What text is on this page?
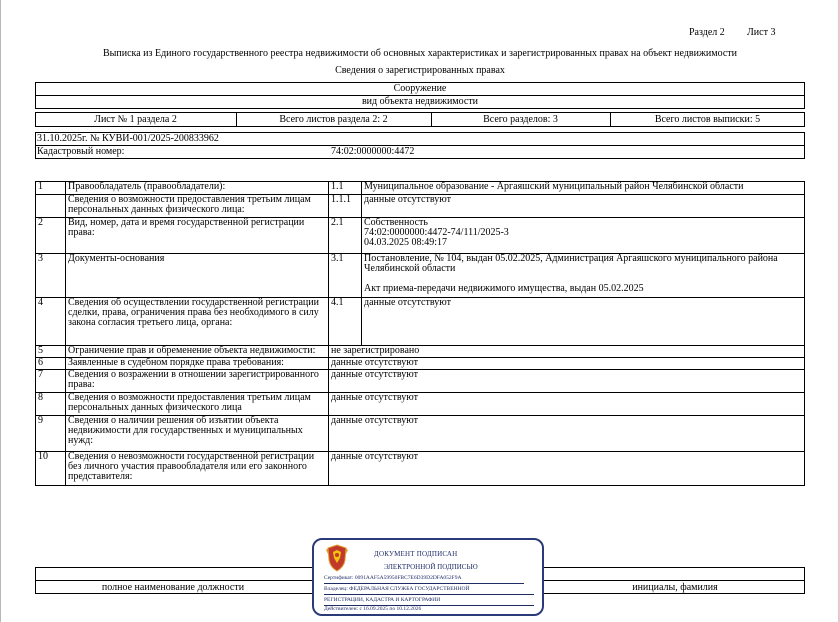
Раздел 2 Лист 3
Выписка из Единого государственного реестра недвижимости об основных характеристиках и зарегистрированных правах на объект недвижимости
Сведения о зарегистрированных правах
Сооружение
вид объекта недвижимости
Лист № 1 раздела 2	Всего листов раздела 2: 2	Всего разделов: 3	Всего листов выписки: 5
31.10.2025г. № КУВИ-001/2025-200833962
Кадастровый номер:	74:02:0000000:4472
1	Правообладатель (правообладатели):	1.1	Муниципальное образование - Аргаяшский муниципальный район Челябинской области
	Сведения о возможности предоставления третьим лицам персональных данных физического лица:	1.1.1	данные отсутствуют
2	Вид, номер, дата и время государственной регистрации права:	2.1	Собственность
74:02:0000000:4472-74/111/2025-3
04.03.2025 08:49:17

3	Документы-основания	3.1	Постановление, № 104, выдан 05.02.2025, Администрация Аргаяшского муниципального района Челябинской области
Акт приема-передачи недвижимого имущества, выдан 05.02.2025

4	Сведения об осуществлении государственной регистрации сделки, права, ограничения права без необходимого в силу закона согласия третьего лица, органа:	4.1	данные отсутствуют
5	Ограничение прав и обременение объекта недвижимости:	не зарегистрировано	
6	Заявленные в судебном порядке права требования:	данные отсутствуют	
7	Сведения о возражении в отношении зарегистрированного права:	данные отсутствуют	
8	Сведения о возможности предоставления третьим лицам персональных данных физического лица	данные отсутствуют	
9	Сведения о наличии решения об изъятии объекта недвижимости для государственных и муниципальных нужд:	данные отсутствуют	
10	Сведения о невозможности государственной регистрации без личного участия правообладателя или его законного представителя:	данные отсутствуют	
полное наименование должности	инициалы, фамилия
ДОКУМЕНТ ПОДПИСАН
ЭЛЕКТРОННОЙ ПОДПИСЬЮ
Сертификат: 0091AAF5A59950FBC7E6D39D2DFA052F9A
Владелец: ФЕДЕРАЛЬНАЯ СЛУЖБА ГОСУДАРСТВЕННОЙ
РЕГИСТРАЦИИ, КАДАСТРА И КАРТОГРАФИИ
Действителен: с 16.09.2025 по 10.12.2026
